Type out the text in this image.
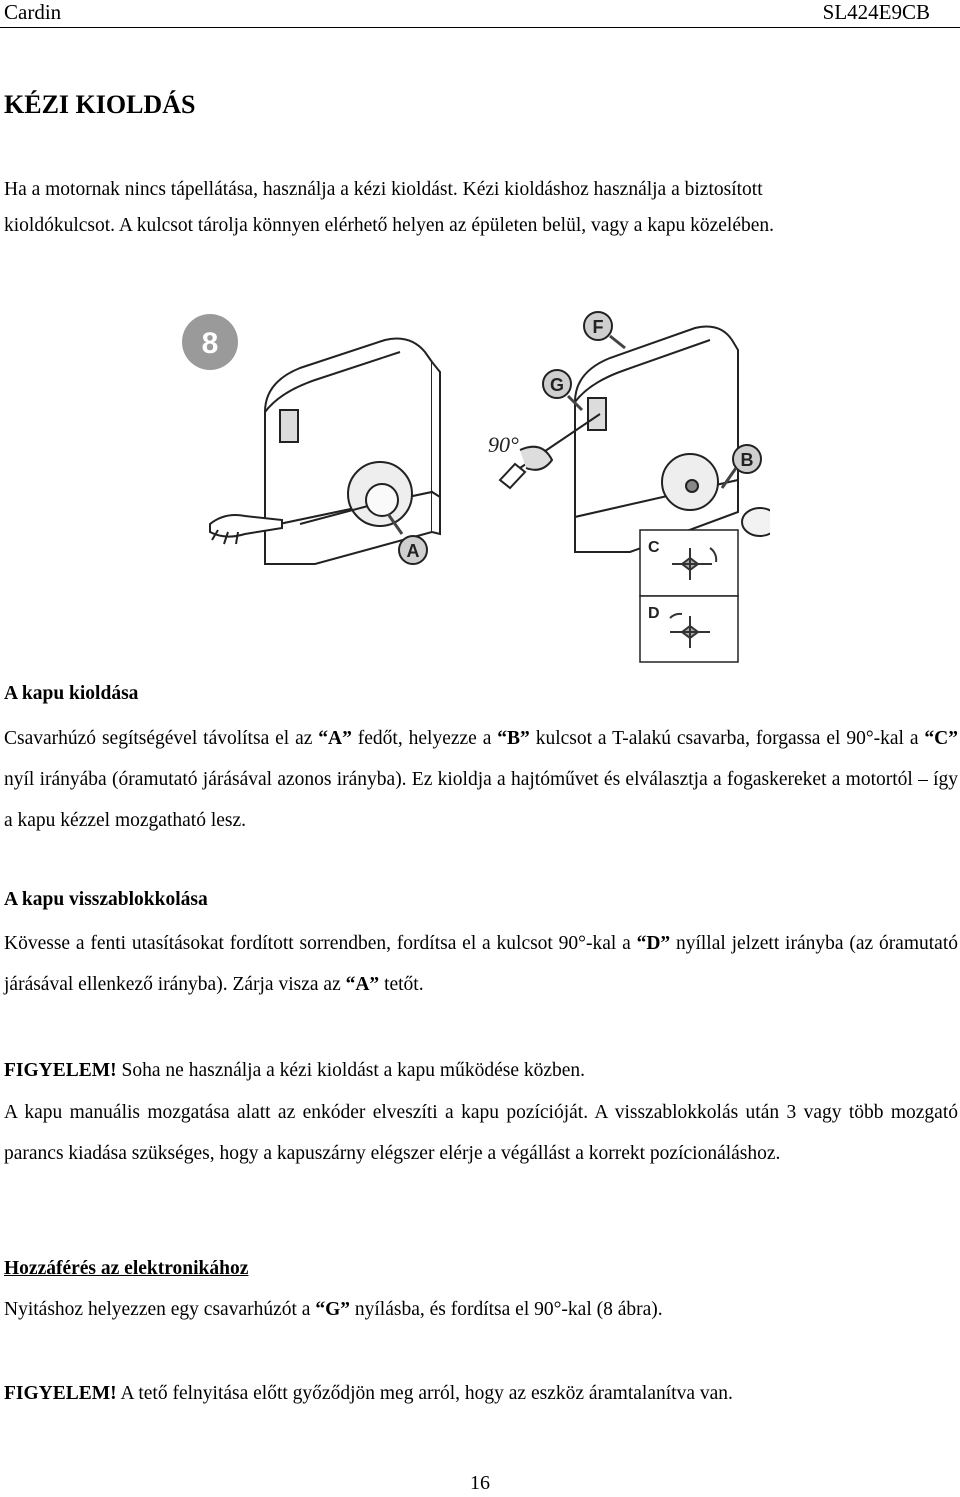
Cardin	SL424E9CB
KÉZI KIOLDÁS
Ha a motornak nincs tápellátása, használja a kézi kioldást. Kézi kioldáshoz használja a biztosított
kioldókulcsot. A kulcsot tárolja könnyen elérhető helyen az épületen belül, vagy a kapu közelében.
8
A
F
G
90°
B
C
D
A kapu kioldása
Csavarhúzó segítségével távolítsa el az “A” fedőt, helyezze a “B” kulcsot a T-alakú csavarba, forgassa el 90°-kal a “C” nyíl irányába (óramutató járásával azonos irányba). Ez kioldja a hajtóművet és elválasztja a fogaskereket a motortól – így a kapu kézzel mozgatható lesz.
A kapu visszablokkolása
Kövesse a fenti utasításokat fordított sorrendben, fordítsa el a kulcsot 90°-kal a “D” nyíllal jelzett irányba (az óramutató járásával ellenkező irányba). Zárja visza az “A” tetőt.
FIGYELEM! Soha ne használja a kézi kioldást a kapu működése közben.
A kapu manuális mozgatása alatt az enkóder elveszíti a kapu pozícióját. A visszablokkolás után 3 vagy több mozgató parancs kiadása szükséges, hogy a kapuszárny elégszer elérje a végállást a korrekt pozícionáláshoz.
Hozzáférés az elektronikához
Nyitáshoz helyezzen egy csavarhúzót a “G” nyílásba, és fordítsa el 90°-kal (8 ábra).
FIGYELEM! A tető felnyitása előtt győződjön meg arról, hogy az eszköz áramtalanítva van.
16
